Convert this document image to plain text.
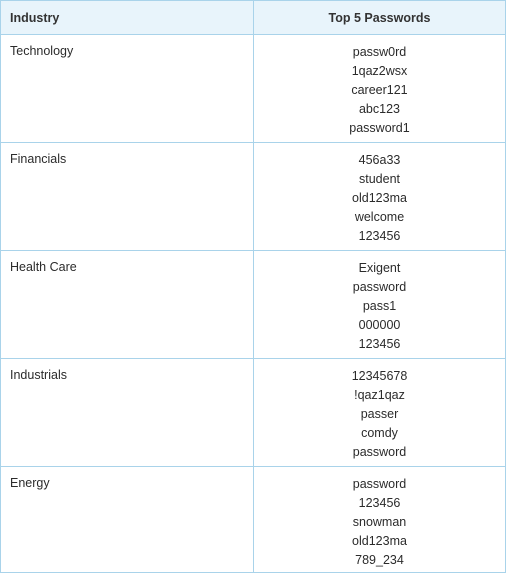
Industry	Top 5 Passwords
Technology	passw0rd
1qaz2wsx
career121
abc123
password1

Financials	456a33
student
old123ma
welcome
123456

Health Care	Exigent
password
pass1
000000
123456

Industrials	12345678
!qaz1qaz
passer
comdy
password

Energy	password
123456
snowman
old123ma
789_234
